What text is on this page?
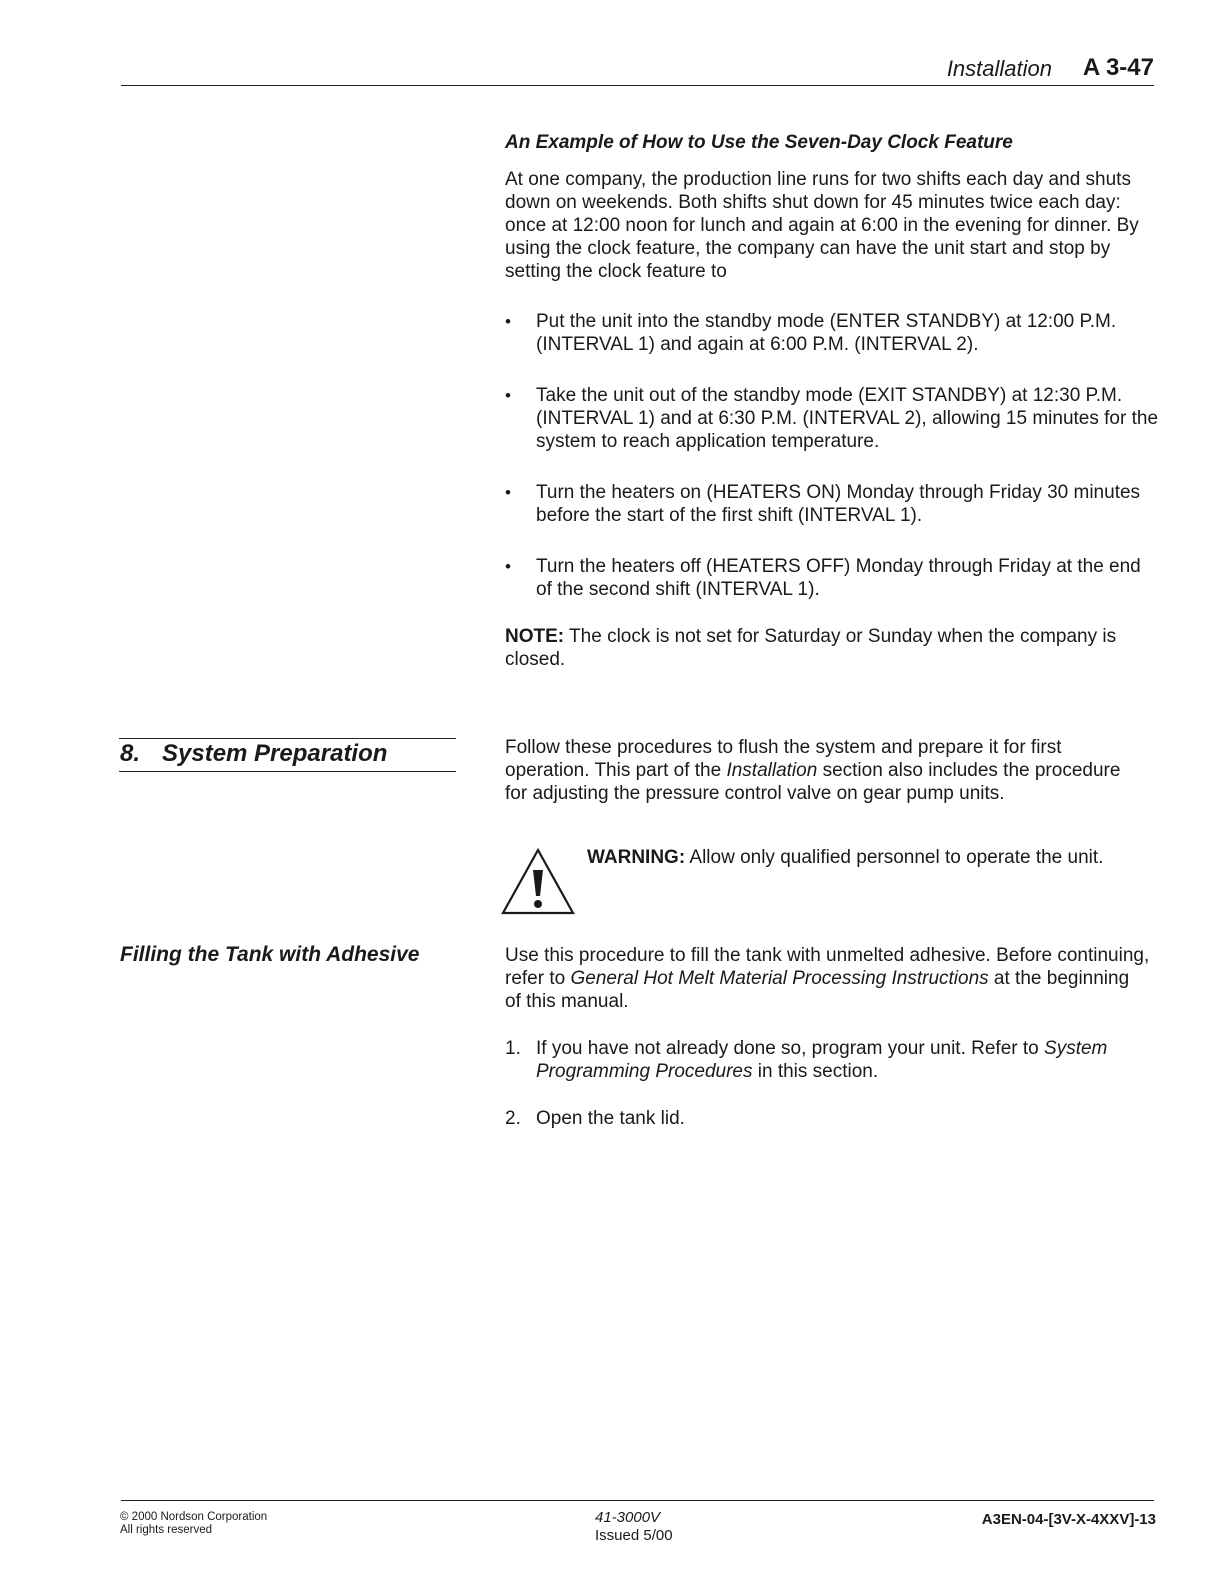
Installation A 3-47
An Example of How to Use the Seven-Day Clock Feature

At one company, the production line runs for two shifts each day and shuts down on weekends. Both shifts shut down for 45 minutes twice each day: once at 12:00 noon for lunch and again at 6:00 in the evening for dinner. By using the clock feature, the company can have the unit start and stop by setting the clock feature to

•	Put the unit into the standby mode (ENTER STANDBY) at 12:00 P.M. (INTERVAL 1) and again at 6:00 P.M. (INTERVAL 2).
•	Take the unit out of the standby mode (EXIT STANDBY) at 12:30 P.M. (INTERVAL 1) and at 6:30 P.M. (INTERVAL 2), allowing 15 minutes for the system to reach application temperature.
•	Turn the heaters on (HEATERS ON) Monday through Friday 30 minutes before the start of the first shift (INTERVAL 1).
•	Turn the heaters off (HEATERS OFF) Monday through Friday at the end of the second shift (INTERVAL 1).

NOTE: The clock is not set for Saturday or Sunday when the company is closed.

8. System Preparation	Follow these procedures to flush the system and prepare it for first operation. This part of the Installation section also includes the procedure for adjusting the pressure control valve on gear pump units.
WARNING: Allow only qualified personnel to operate the unit.
Filling the Tank with Adhesive	Use this procedure to fill the tank with unmelted adhesive. Before continuing, refer to General Hot Melt Material Processing Instructions at the beginning of this manual.

1. If you have not already done so, program your unit. Refer to System Programming Procedures in this section.
2. Open the tank lid.
© 2000 Nordson Corporation
All rights reserved
41-3000V
Issued 5/00
A3EN-04-[3V-X-4XXV]-13
